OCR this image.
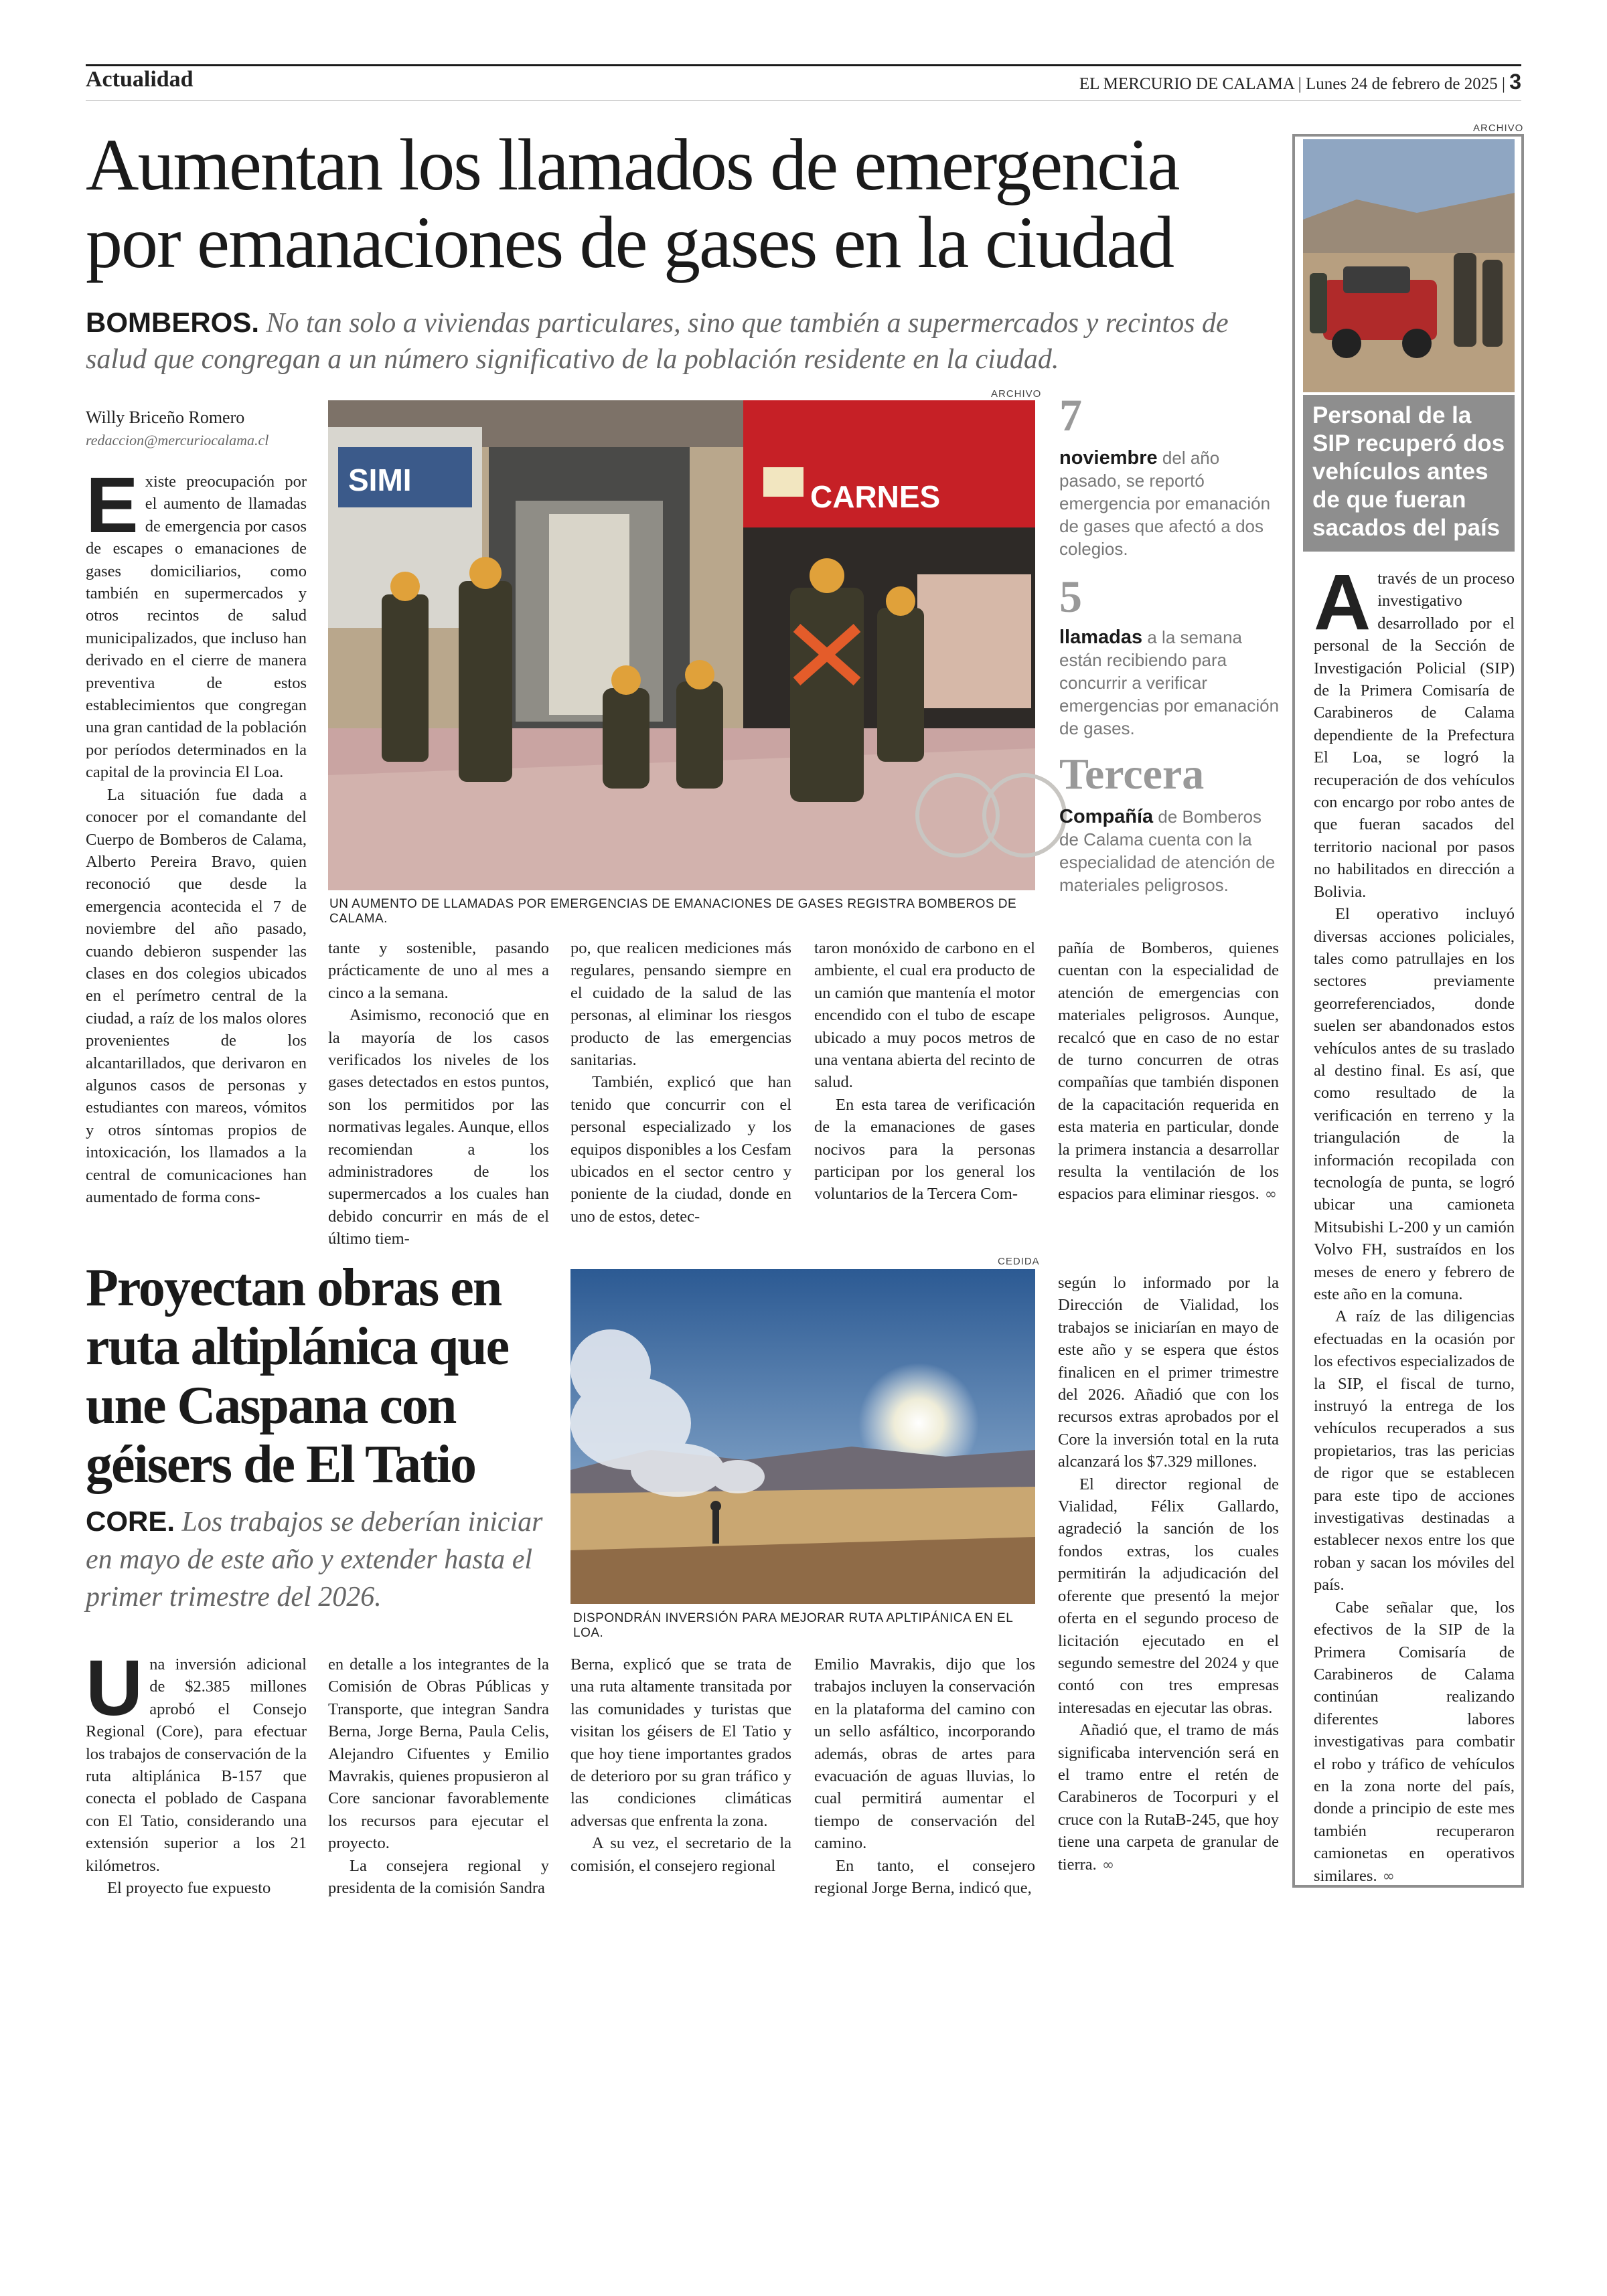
Actualidad	EL MERCURIO DE CALAMA | Lunes 24 de febrero de 2025 | 3
Aumentan los llamados de emergencia
por emanaciones de gases en la ciudad
BOMBEROS. No tan solo a viviendas particulares, sino que también a supermercados y recintos de salud que congregan a un número significativo de la población residente en la ciudad.
Willy Briceño Romero
redaccion@mercuriocalama.cl
SIMI	CARNES
ARCHIVO
UN AUMENTO DE LLAMADAS POR EMERGENCIAS DE EMANACIONES DE GASES REGISTRA BOMBEROS DE CALAMA.

Existe preocupación por el aumento de llamadas de emergencia por casos de escapes o emanaciones de gases domiciliarios, como también en supermercados y otros recintos de salud municipalizados, que incluso han derivado en el cierre de manera preventiva de estos establecimientos que congregan una gran cantidad de la población por períodos determinados en la capital de la provincia El Loa.

La situación fue dada a conocer por el comandante del Cuerpo de Bomberos de Calama, Alberto Pereira Bravo, quien reconoció que desde la emergencia acontecida el 7 de noviembre del año pasado, cuando debieron suspender las clases en dos colegios ubicados en el perímetro central de la ciudad, a raíz de los malos olores provenientes de los alcantarillados, que derivaron en algunos casos de personas y estudiantes con mareos, vómitos y otros síntomas propios de intoxicación, los llamados a la central de comunicaciones han aumentado de forma cons-

tante y sostenible, pasando prácticamente de uno al mes a cinco a la semana.

Asimismo, reconoció que en la mayoría de los casos verificados los niveles de los gases detectados en estos puntos, son los permitidos por las normativas legales. Aunque, ellos recomiendan a los administradores de los supermercados a los cuales han debido concurrir en más de el último tiem-

po, que realicen mediciones más regulares, pensando siempre en el cuidado de la salud de las personas, al eliminar los riesgos producto de las emergencias sanitarias.

También, explicó que han tenido que concurrir con el personal especializado y los equipos disponibles a los Cesfam ubicados en el sector centro y poniente de la ciudad, donde en uno de estos, detec-

taron monóxido de carbono en el ambiente, el cual era producto de un camión que mantenía el motor encendido con el tubo de escape ubicado a muy pocos metros de una ventana abierta del recinto de salud.

En esta tarea de verificación de la emanaciones de gases nocivos para la personas participan por los general los voluntarios de la Tercera Com-

pañía de Bomberos, quienes cuentan con la especialidad de atención de emergencias con materiales peligrosos. Aunque, recalcó que en caso de no estar de turno concurren de otras compañías que también disponen de la capacitación requerida en esta materia en particular, donde la primera instancia a desarrollar resulta la ventilación de los espacios para eliminar riesgos. ∞

7
noviembre del año pasado, se reportó emergencia por emanación de gases que afectó a dos colegios.
5
llamadas a la semana están recibiendo para concurrir a verificar emergencias por emanación de gases.
Tercera
Compañía de Bomberos de Calama cuenta con la especialidad de atención de materiales peligrosos.
Proyectan obras en ruta altiplánica que une Caspana con géisers de El Tatio
CORE. Los trabajos se deberían iniciar en mayo de este año y extender hasta el primer trimestre del 2026.
CEDIDA
DISPONDRÁN INVERSIÓN PARA MEJORAR RUTA APLTIPÁNICA EN EL LOA.

Una inversión adicional de $2.385 millones aprobó el Consejo Regional (Core), para efectuar los trabajos de conservación de la ruta altiplánica B-157 que conecta el poblado de Caspana con El Tatio, considerando una extensión superior a los 21 kilómetros.

El proyecto fue expuesto

en detalle a los integrantes de la Comisión de Obras Públicas y Transporte, que integran Sandra Berna, Jorge Berna, Paula Celis, Alejandro Cifuentes y Emilio Mavrakis, quienes propusieron al Core sancionar favorablemente los recursos para ejecutar el proyecto.

La consejera regional y presidenta de la comisión Sandra

Berna, explicó que se trata de una ruta altamente transitada por las comunidades y turistas que visitan los géisers de El Tatio y que hoy tiene importantes grados de deterioro por su gran tráfico y las condiciones climáticas adversas que enfrenta la zona.

A su vez, el secretario de la comisión, el consejero regional

Emilio Mavrakis, dijo que los trabajos incluyen la conservación en la plataforma del camino con un sello asfáltico, incorporando además, obras de artes para evacuación de aguas lluvias, lo cual permitirá aumentar el tiempo de conservación del camino.

En tanto, el consejero regional Jorge Berna, indicó que,

según lo informado por la Dirección de Vialidad, los trabajos se iniciarían en mayo de este año y se espera que éstos finalicen en el primer trimestre del 2026. Añadió que con los recursos extras aprobados por el Core la inversión total en la ruta alcanzará los $7.329 millones.

El director regional de Vialidad, Félix Gallardo, agradeció la sanción de los fondos extras, los cuales permitirán la adjudicación del oferente que presentó la mejor oferta en el segundo proceso de licitación ejecutado en el segundo semestre del 2024 y que contó con tres empresas interesadas en ejecutar las obras.

Añadió que, el tramo de más significaba intervención será en el tramo entre el retén de Carabineros de Tocorpuri y el cruce con la RutaB-245, que hoy tiene una carpeta de granular de tierra. ∞

ARCHIVO
Personal de la SIP recuperó dos vehículos antes de que fueran sacados del país

Através de un proceso investigativo desarrollado por el personal de la Sección de Investigación Policial (SIP) de la Primera Comisaría de Carabineros de Calama dependiente de la Prefectura El Loa, se logró la recuperación de dos vehículos con encargo por robo antes de que fueran sacados del territorio nacional por pasos no habilitados en dirección a Bolivia.

El operativo incluyó diversas acciones policiales, tales como patrullajes en los sectores previamente georreferenciados, donde suelen ser abandonados estos vehículos antes de su traslado al destino final. Es así, que como resultado de la verificación en terreno y la triangulación de la información recopilada con tecnología de punta, se logró ubicar una camioneta Mitsubishi L-200 y un camión Volvo FH, sustraídos en los meses de enero y febrero de este año en la comuna.

A raíz de las diligencias efectuadas en la ocasión por los efectivos especializados de la SIP, el fiscal de turno, instruyó la entrega de los vehículos recuperados a sus propietarios, tras las pericias de rigor que se establecen para este tipo de acciones investigativas destinadas a establecer nexos entre los que roban y sacan los móviles del país.

Cabe señalar que, los efectivos de la SIP de la Primera Comisaría de Carabineros de Calama continúan realizando diferentes labores investigativas para combatir el robo y tráfico de vehículos en la zona norte del país, donde a principio de este mes también recuperaron camionetas en operativos similares. ∞
